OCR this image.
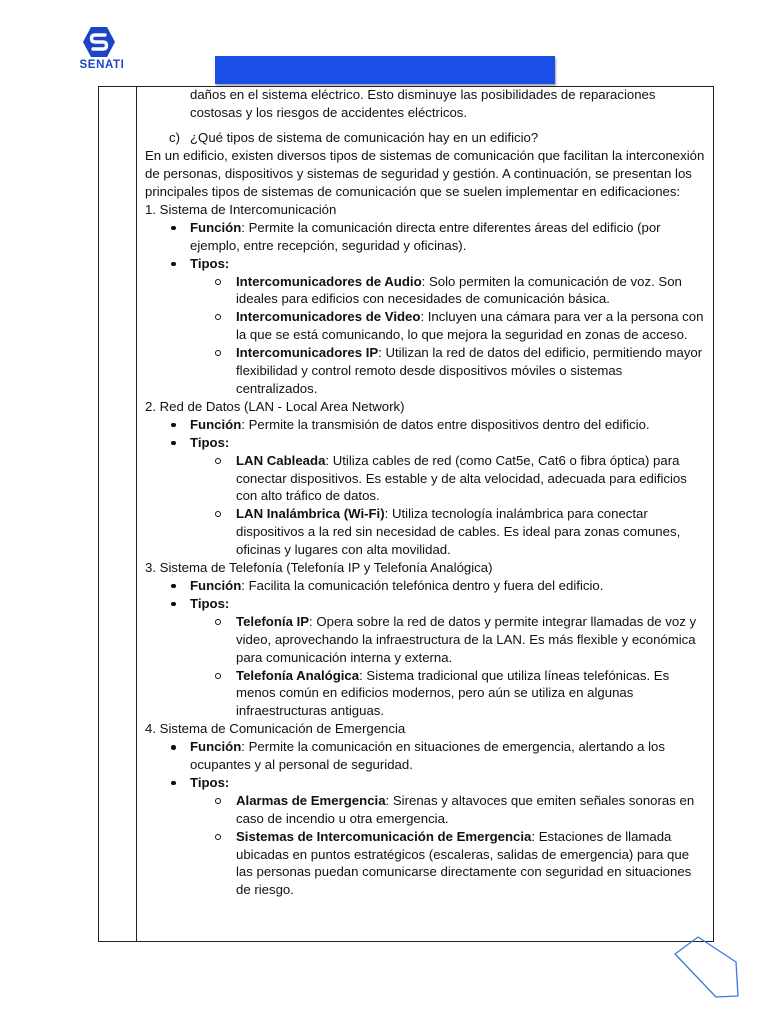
SENATI

daños en el sistema eléctrico. Esto disminuye las posibilidades de reparaciones

costosas y los riesgos de accidentes eléctricos.

c) ¿Qué tipos de sistema de comunicación hay en un edificio?

En un edificio, existen diversos tipos de sistemas de comunicación que facilitan la interconexión de personas, dispositivos y sistemas de seguridad y gestión. A continuación, se presentan los principales tipos de sistemas de comunicación que se suelen implementar en edificaciones:

1. Sistema de Intercomunicación

Función: Permite la comunicación directa entre diferentes áreas del edificio (por ejemplo, entre recepción, seguridad y oficinas).
Tipos:
Intercomunicadores de Audio: Solo permiten la comunicación de voz. Son ideales para edificios con necesidades de comunicación básica.
Intercomunicadores de Video: Incluyen una cámara para ver a la persona con la que se está comunicando, lo que mejora la seguridad en zonas de acceso.
Intercomunicadores IP: Utilizan la red de datos del edificio, permitiendo mayor flexibilidad y control remoto desde dispositivos móviles o sistemas centralizados.

2. Red de Datos (LAN - Local Area Network)

Función: Permite la transmisión de datos entre dispositivos dentro del edificio.
Tipos:
LAN Cableada: Utiliza cables de red (como Cat5e, Cat6 o fibra óptica) para conectar dispositivos. Es estable y de alta velocidad, adecuada para edificios con alto tráfico de datos.
LAN Inalámbrica (Wi-Fi): Utiliza tecnología inalámbrica para conectar dispositivos a la red sin necesidad de cables. Es ideal para zonas comunes, oficinas y lugares con alta movilidad.

3. Sistema de Telefonía (Telefonía IP y Telefonía Analógica)

Función: Facilita la comunicación telefónica dentro y fuera del edificio.
Tipos:
Telefonía IP: Opera sobre la red de datos y permite integrar llamadas de voz y video, aprovechando la infraestructura de la LAN. Es más flexible y económica para comunicación interna y externa.
Telefonía Analógica: Sistema tradicional que utiliza líneas telefónicas. Es menos común en edificios modernos, pero aún se utiliza en algunas infraestructuras antiguas.

4. Sistema de Comunicación de Emergencia

Función: Permite la comunicación en situaciones de emergencia, alertando a los ocupantes y al personal de seguridad.
Tipos:
Alarmas de Emergencia: Sirenas y altavoces que emiten señales sonoras en caso de incendio u otra emergencia.
Sistemas de Intercomunicación de Emergencia: Estaciones de llamada ubicadas en puntos estratégicos (escaleras, salidas de emergencia) para que las personas puedan comunicarse directamente con seguridad en situaciones de riesgo.
